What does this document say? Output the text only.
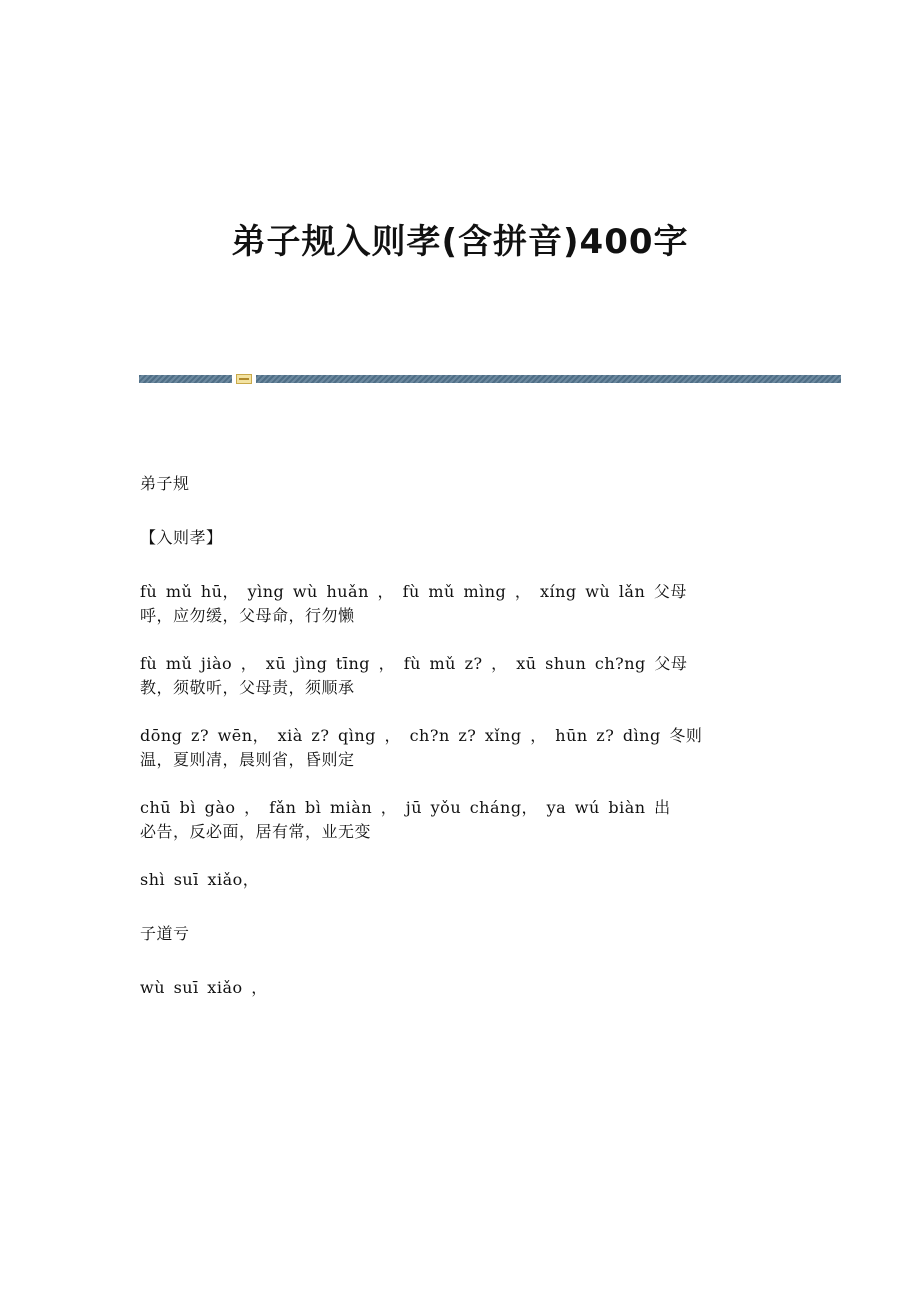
弟子规入则孝(含拼音)400字

弟子规

【入则孝】

fù mǔ hū， yìng wù huǎn ， fù mǔ mìng ， xíng wù lǎn 父母

呼，应勿缓，父母命，行勿懒

fù mǔ jiào ， xū jìng tīng ， fù mǔ z? ， xū shun ch?ng 父母

教，须敬听，父母责，须顺承

dōng z? wēn， xià z? qìng ， ch?n z? xǐng ， hūn z? dìng 冬则

温，夏则凊，晨则省，昏则定

chū bì gào ， fǎn bì miàn ， jū yǒu cháng， ya wú biàn 出

必告，反必面，居有常，业无变

shì suī xiǎo，

子道亏

wù suī xiǎo ，
